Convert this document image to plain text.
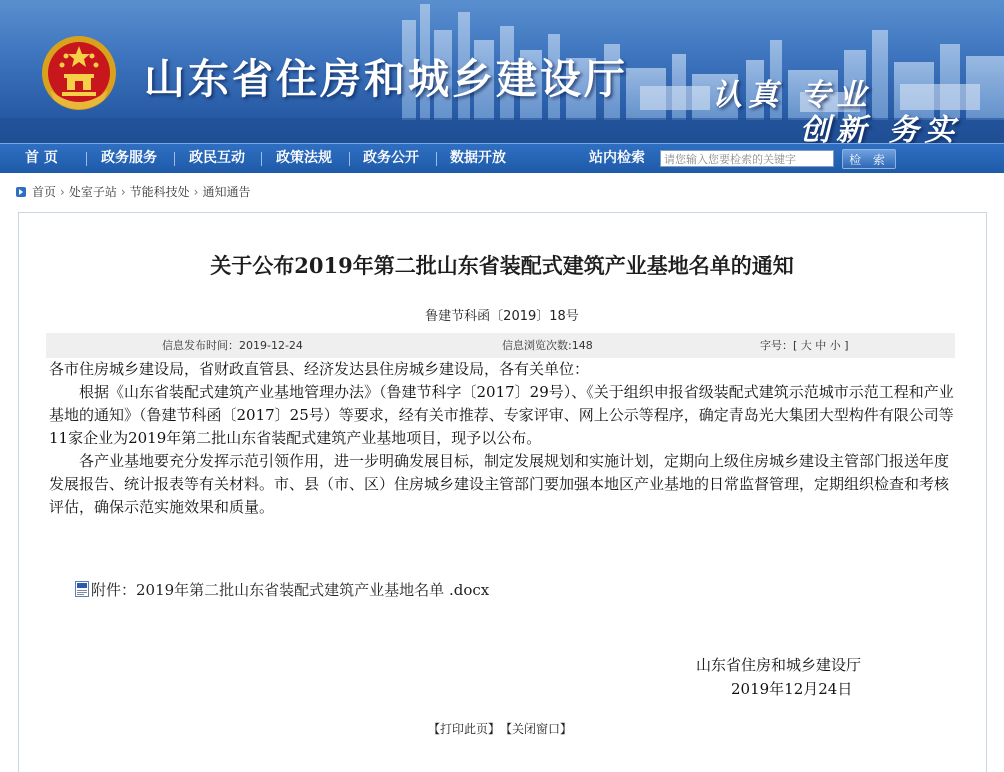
山东省住房和城乡建设厅	认真 专业
创新 务实
首 页	政务服务 政民互动 政策法规 政务公开 数据开放	站内检索
请您输入您要检索的关键字	检 索
首页 › 处室子站 › 节能科技处 › 通知通告
关于公布2019年第二批山东省装配式建筑产业基地名单的通知
鲁建节科函〔2019〕18号
信息发布时间：2019-12-24	信息浏览次数:148	字号：[ 大 中 小 ]

各市住房城乡建设局，省财政直管县、经济发达县住房城乡建设局，各有关单位：

根据《山东省装配式建筑产业基地管理办法》（鲁建节科字〔2017〕29号）、《关于组织申报省级装配式建筑示范城市示范工程和产业基地的通知》（鲁建节科函〔2017〕25号）等要求，经有关市推荐、专家评审、网上公示等程序，确定青岛光大集团大型构件有限公司等11家企业为2019年第二批山东省装配式建筑产业基地项目，现予以公布。

各产业基地要充分发挥示范引领作用，进一步明确发展目标，制定发展规划和实施计划，定期向上级住房城乡建设主管部门报送年度发展报告、统计报表等有关材料。市、县（市、区）住房城乡建设主管部门要加强本地区产业基地的日常监督管理，定期组织检查和考核评估，确保示范实施效果和质量。

附件：2019年第二批山东省装配式建筑产业基地名单 .docx
山东省住房和城乡建设厅
2019年12月24日
【打印此页】 【关闭窗口】
